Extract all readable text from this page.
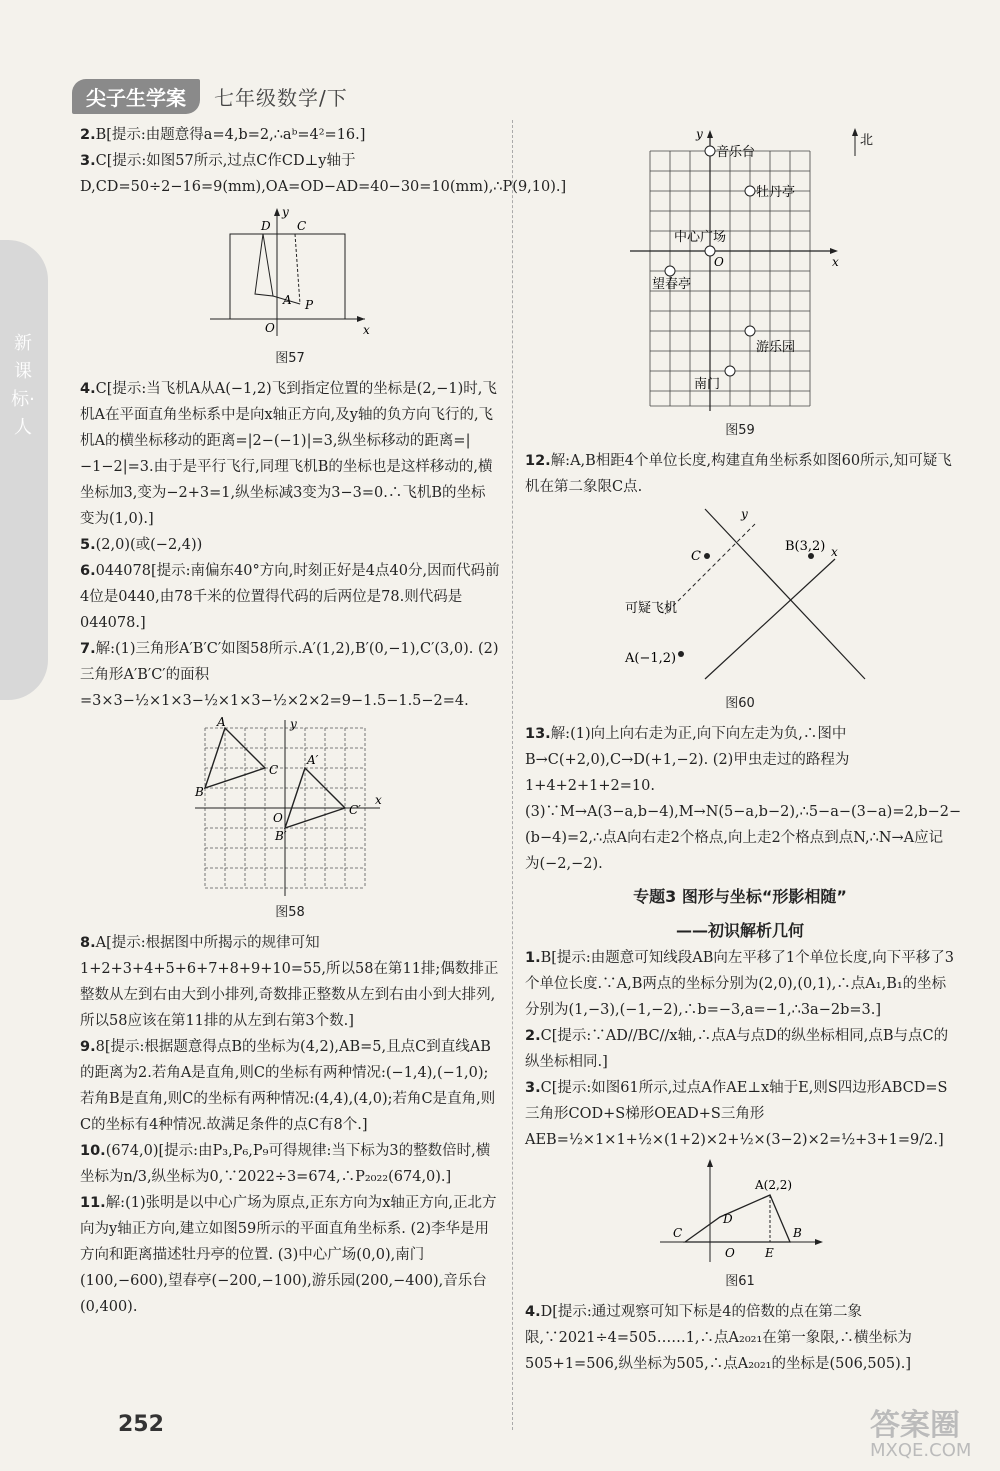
尖子生学案	七年级数学/下
新课标·人

2.B[提示:由题意得a=4,b=2,∴aᵇ=4²=16.]

3.C[提示:如图57所示,过点C作CD⊥y轴于D,CD=50÷2−16=9(mm),OA=OD−AD=40−30=10(mm),∴P(9,10).]

D C
A P
O	x
y
图57

4.C[提示:当飞机A从A(−1,2)飞到指定位置的坐标是(2,−1)时,飞机A在平面直角坐标系中是向x轴正方向,及y轴的负方向飞行的,飞机A的横坐标移动的距离=|2−(−1)|=3,纵坐标移动的距离=|−1−2|=3.由于是平行飞行,同理飞机B的坐标也是这样移动的,横坐标加3,变为−2+3=1,纵坐标减3变为3−3=0.∴飞机B的坐标变为(1,0).]

5.(2,0)(或(−2,4))

6.044078[提示:南偏东40°方向,时刻正好是4点40分,因而代码前4位是0440,由78千米的位置得代码的后两位是78.则代码是044078.]

7.解:(1)三角形A′B′C′如图58所示.A′(1,2),B′(0,−1),C′(3,0). (2)三角形A′B′C′的面积=3×3−½×1×3−½×1×3−½×2×2=9−1.5−1.5−2=4.

A
B
C
A′
B′
C′
O
x
y
图58

8.A[提示:根据图中所揭示的规律可知1+2+3+4+5+6+7+8+9+10=55,所以58在第11排;偶数排正整数从左到右由大到小排列,奇数排正整数从左到右由小到大排列,所以58应该在第11排的从左到右第3个数.]

9.8[提示:根据题意得点B的坐标为(4,2),AB=5,且点C到直线AB的距离为2.若角A是直角,则C的坐标有两种情况:(−1,4),(−1,0);若角B是直角,则C的坐标有两种情况:(4,4),(4,0);若角C是直角,则C的坐标有4种情况.故满足条件的点C有8个.]

10.(674,0)[提示:由P₃,P₆,P₉可得规律:当下标为3的整数倍时,横坐标为n/3,纵坐标为0,∵2022÷3=674,∴P₂₀₂₂(674,0).]

11.解:(1)张明是以中心广场为原点,正东方向为x轴正方向,正北方向为y轴正方向,建立如图59所示的平面直角坐标系. (2)李华是用方向和距离描述牡丹亭的位置. (3)中心广场(0,0),南门(100,−600),望春亭(−200,−100),游乐园(200,−400),音乐台(0,400).

音乐台
牡丹亭
中心广场
望春亭
游乐园
南门
北
x
y
O
图59

12.解:A,B相距4个单位长度,构建直角坐标系如图60所示,知可疑飞机在第二象限C点.

y
x
B(3,2)
A(−1,2)
C
可疑飞机
图60

13.解:(1)向上向右走为正,向下向左走为负,∴图中B→C(+2,0),C→D(+1,−2). (2)甲虫走过的路程为1+4+2+1+2=10. (3)∵M→A(3−a,b−4),M→N(5−a,b−2),∴5−a−(3−a)=2,b−2−(b−4)=2,∴点A向右走2个格点,向上走2个格点到点N,∴N→A应记为(−2,−2).

专题3 图形与坐标“形影相随”
——初识解析几何

1.B[提示:由题意可知线段AB向左平移了1个单位长度,向下平移了3个单位长度.∵A,B两点的坐标分别为(2,0),(0,1),∴点A₁,B₁的坐标分别为(1,−3),(−1,−2),∴b=−3,a=−1,∴3a−2b=3.]

2.C[提示:∵AD//BC//x轴,∴点A与点D的纵坐标相同,点B与点C的纵坐标相同.]

3.C[提示:如图61所示,过点A作AE⊥x轴于E,则S四边形ABCD=S三角形COD+S梯形OEAD+S三角形AEB=½×1×1+½×(1+2)×2+½×(3−2)×2=½+3+1=9/2.]

A(2,2)
B
C
D
E
O
图61

4.D[提示:通过观察可知下标是4的倍数的点在第二象限,∵2021÷4=505……1,∴点A₂₀₂₁在第一象限,∴横坐标为505+1=506,纵坐标为505,∴点A₂₀₂₁的坐标是(506,505).]

252	答案圈
MXQE.COM
